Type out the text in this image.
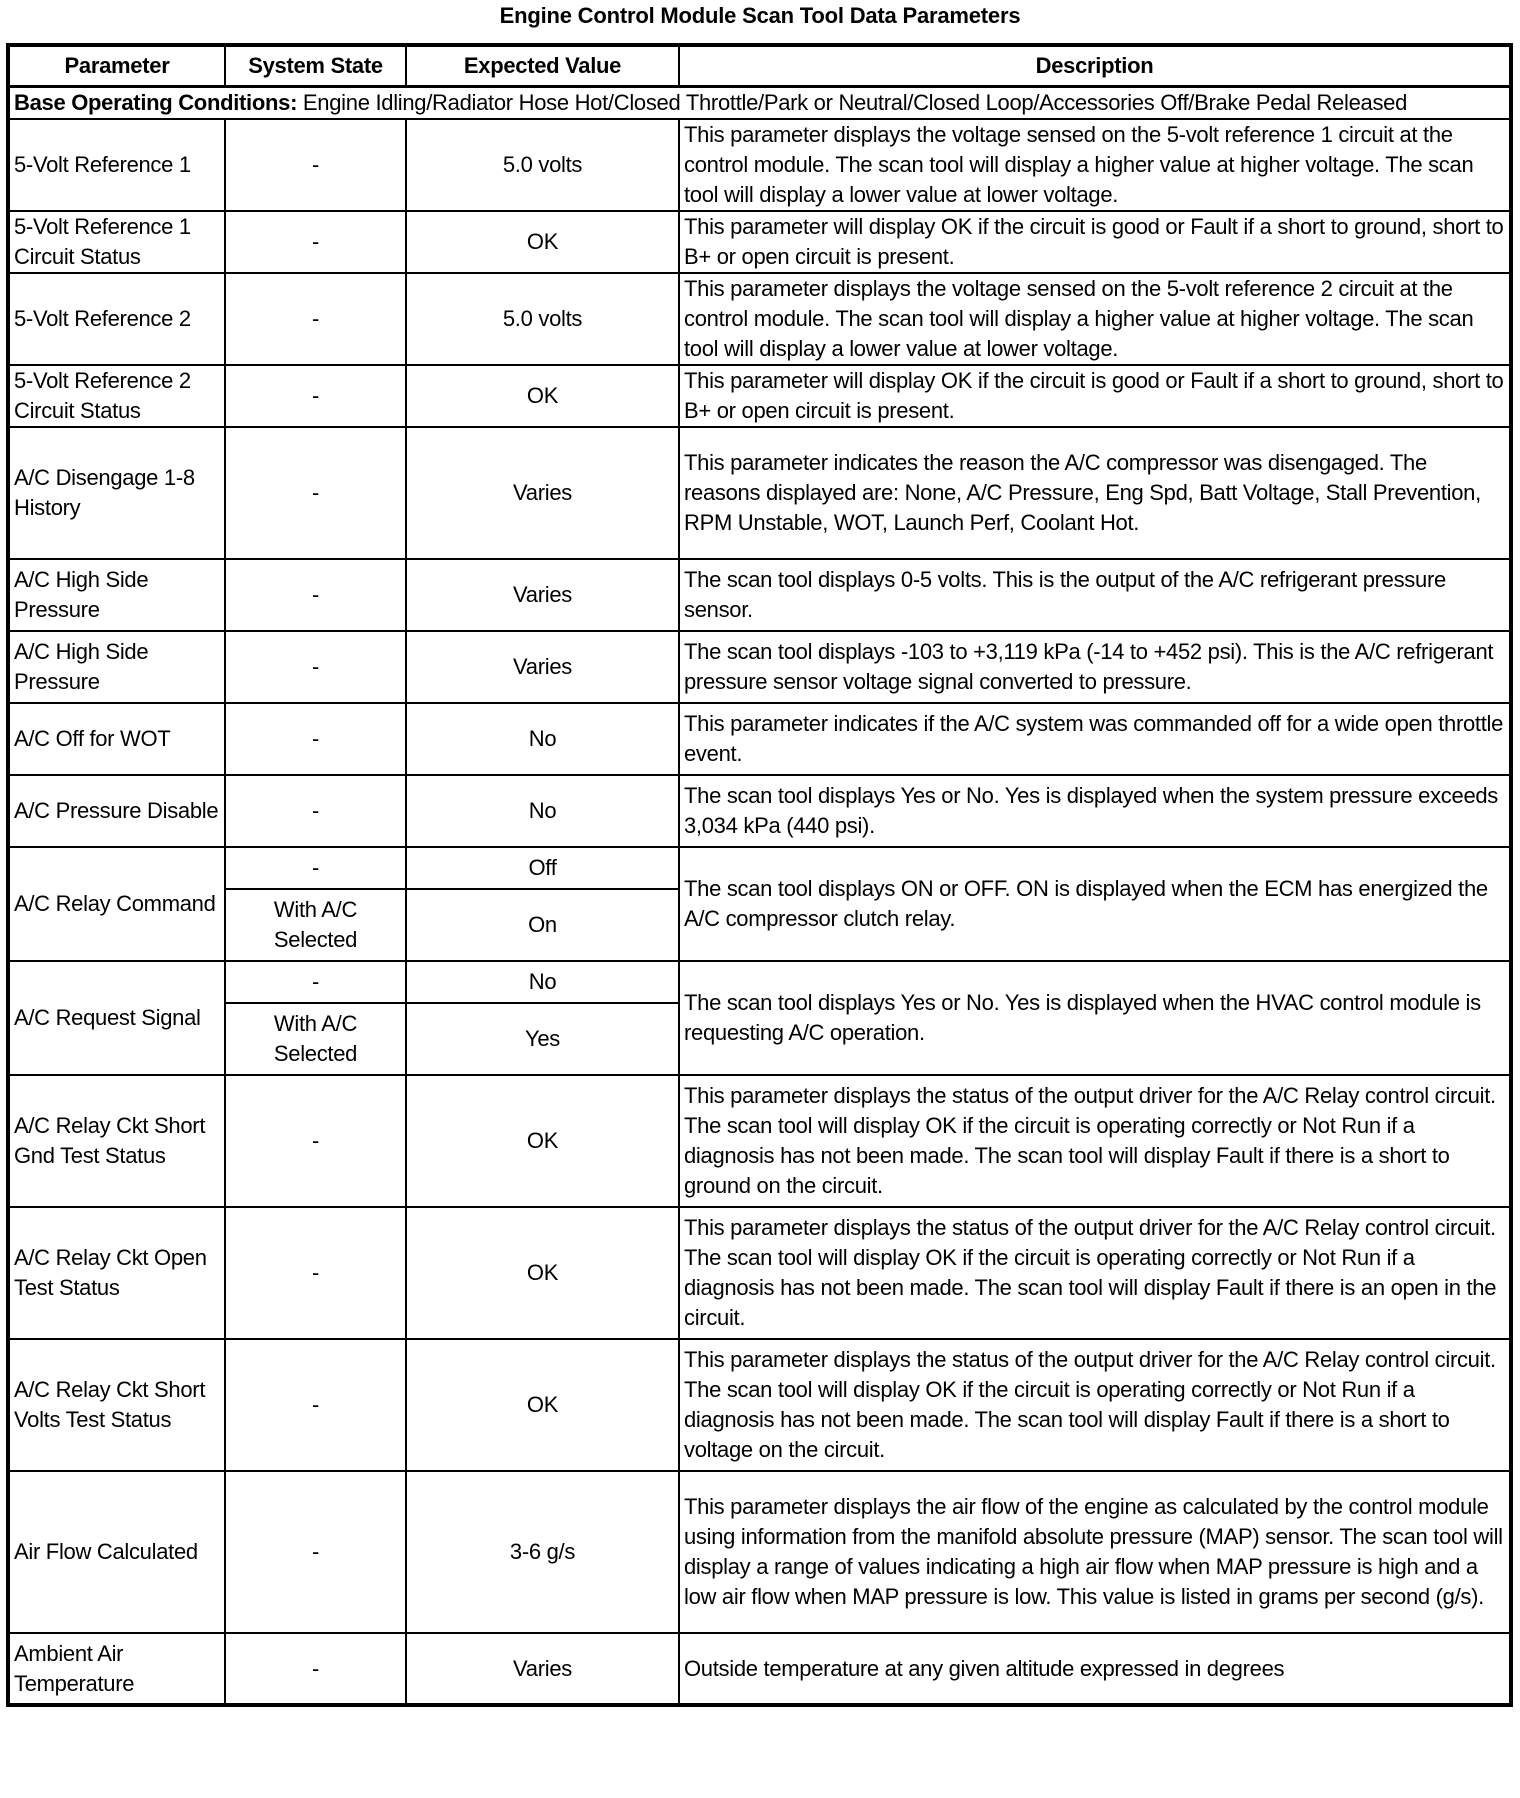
Engine Control Module Scan Tool Data Parameters
Parameter	System State	Expected Value	Description
Base Operating Conditions: Engine Idling/Radiator Hose Hot/Closed Throttle/Park or Neutral/Closed Loop/Accessories Off/Brake Pedal Released			
5-Volt Reference 1	-	5.0 volts	This parameter displays the voltage sensed on the 5-volt reference 1 circuit at the control module. The scan tool will display a higher value at higher voltage. The scan tool will display a lower value at lower voltage.
5-Volt Reference 1 Circuit Status	-	OK	This parameter will display OK if the circuit is good or Fault if a short to ground, short to B+ or open circuit is present.
5-Volt Reference 2	-	5.0 volts	This parameter displays the voltage sensed on the 5-volt reference 2 circuit at the control module. The scan tool will display a higher value at higher voltage. The scan tool will display a lower value at lower voltage.
5-Volt Reference 2 Circuit Status	-	OK	This parameter will display OK if the circuit is good or Fault if a short to ground, short to B+ or open circuit is present.
A/C Disengage 1-8 History	-	Varies	This parameter indicates the reason the A/C compressor was disengaged. The reasons displayed are: None, A/C Pressure, Eng Spd, Batt Voltage, Stall Prevention, RPM Unstable, WOT, Launch Perf, Coolant Hot.
A/C High Side Pressure	-	Varies	The scan tool displays 0-5 volts. This is the output of the A/C refrigerant pressure sensor.
A/C High Side Pressure	-	Varies	The scan tool displays -103 to +3,119 kPa (-14 to +452 psi). This is the A/C refrigerant pressure sensor voltage signal converted to pressure.
A/C Off for WOT	-	No	This parameter indicates if the A/C system was commanded off for a wide open throttle event.
A/C Pressure Disable	-	No	The scan tool displays Yes or No. Yes is displayed when the system pressure exceeds 3,034 kPa (440 psi).
A/C Relay Command	-	Off	The scan tool displays ON or OFF. ON is displayed when the ECM has energized the A/C compressor clutch relay.
	With A/C Selected	On	
A/C Request Signal	-	No	The scan tool displays Yes or No. Yes is displayed when the HVAC control module is requesting A/C operation.
	With A/C Selected	Yes	
A/C Relay Ckt Short Gnd Test Status	-	OK	This parameter displays the status of the output driver for the A/C Relay control circuit. The scan tool will display OK if the circuit is operating correctly or Not Run if a diagnosis has not been made. The scan tool will display Fault if there is a short to ground on the circuit.
A/C Relay Ckt Open Test Status	-	OK	This parameter displays the status of the output driver for the A/C Relay control circuit. The scan tool will display OK if the circuit is operating correctly or Not Run if a diagnosis has not been made. The scan tool will display Fault if there is an open in the circuit.
A/C Relay Ckt Short Volts Test Status	-	OK	This parameter displays the status of the output driver for the A/C Relay control circuit. The scan tool will display OK if the circuit is operating correctly or Not Run if a diagnosis has not been made. The scan tool will display Fault if there is a short to voltage on the circuit.
Air Flow Calculated	-	3-6 g/s	This parameter displays the air flow of the engine as calculated by the control module using information from the manifold absolute pressure (MAP) sensor. The scan tool will display a range of values indicating a high air flow when MAP pressure is high and a low air flow when MAP pressure is low. This value is listed in grams per second (g/s).
Ambient Air Temperature	-	Varies	Outside temperature at any given altitude expressed in degrees
